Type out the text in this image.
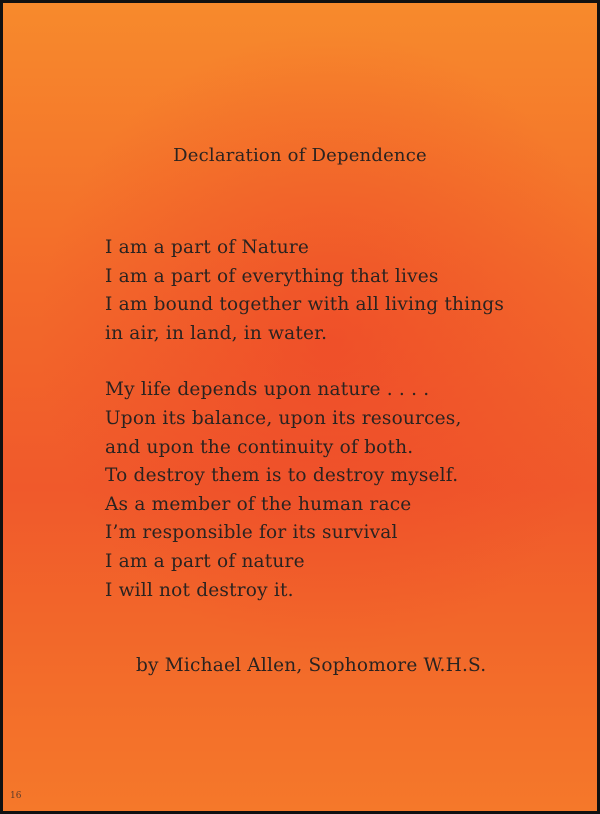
Declaration of Dependence
I am a part of Nature
I am a part of everything that lives
I am bound together with all living things
in air, in land, in water.
My life depends upon nature . . . .
Upon its balance, upon its resources,
and upon the continuity of both.
To destroy them is to destroy myself.
As a member of the human race
I’m responsible for its survival
I am a part of nature
I will not destroy it.
by Michael Allen, Sophomore W.H.S.
16
